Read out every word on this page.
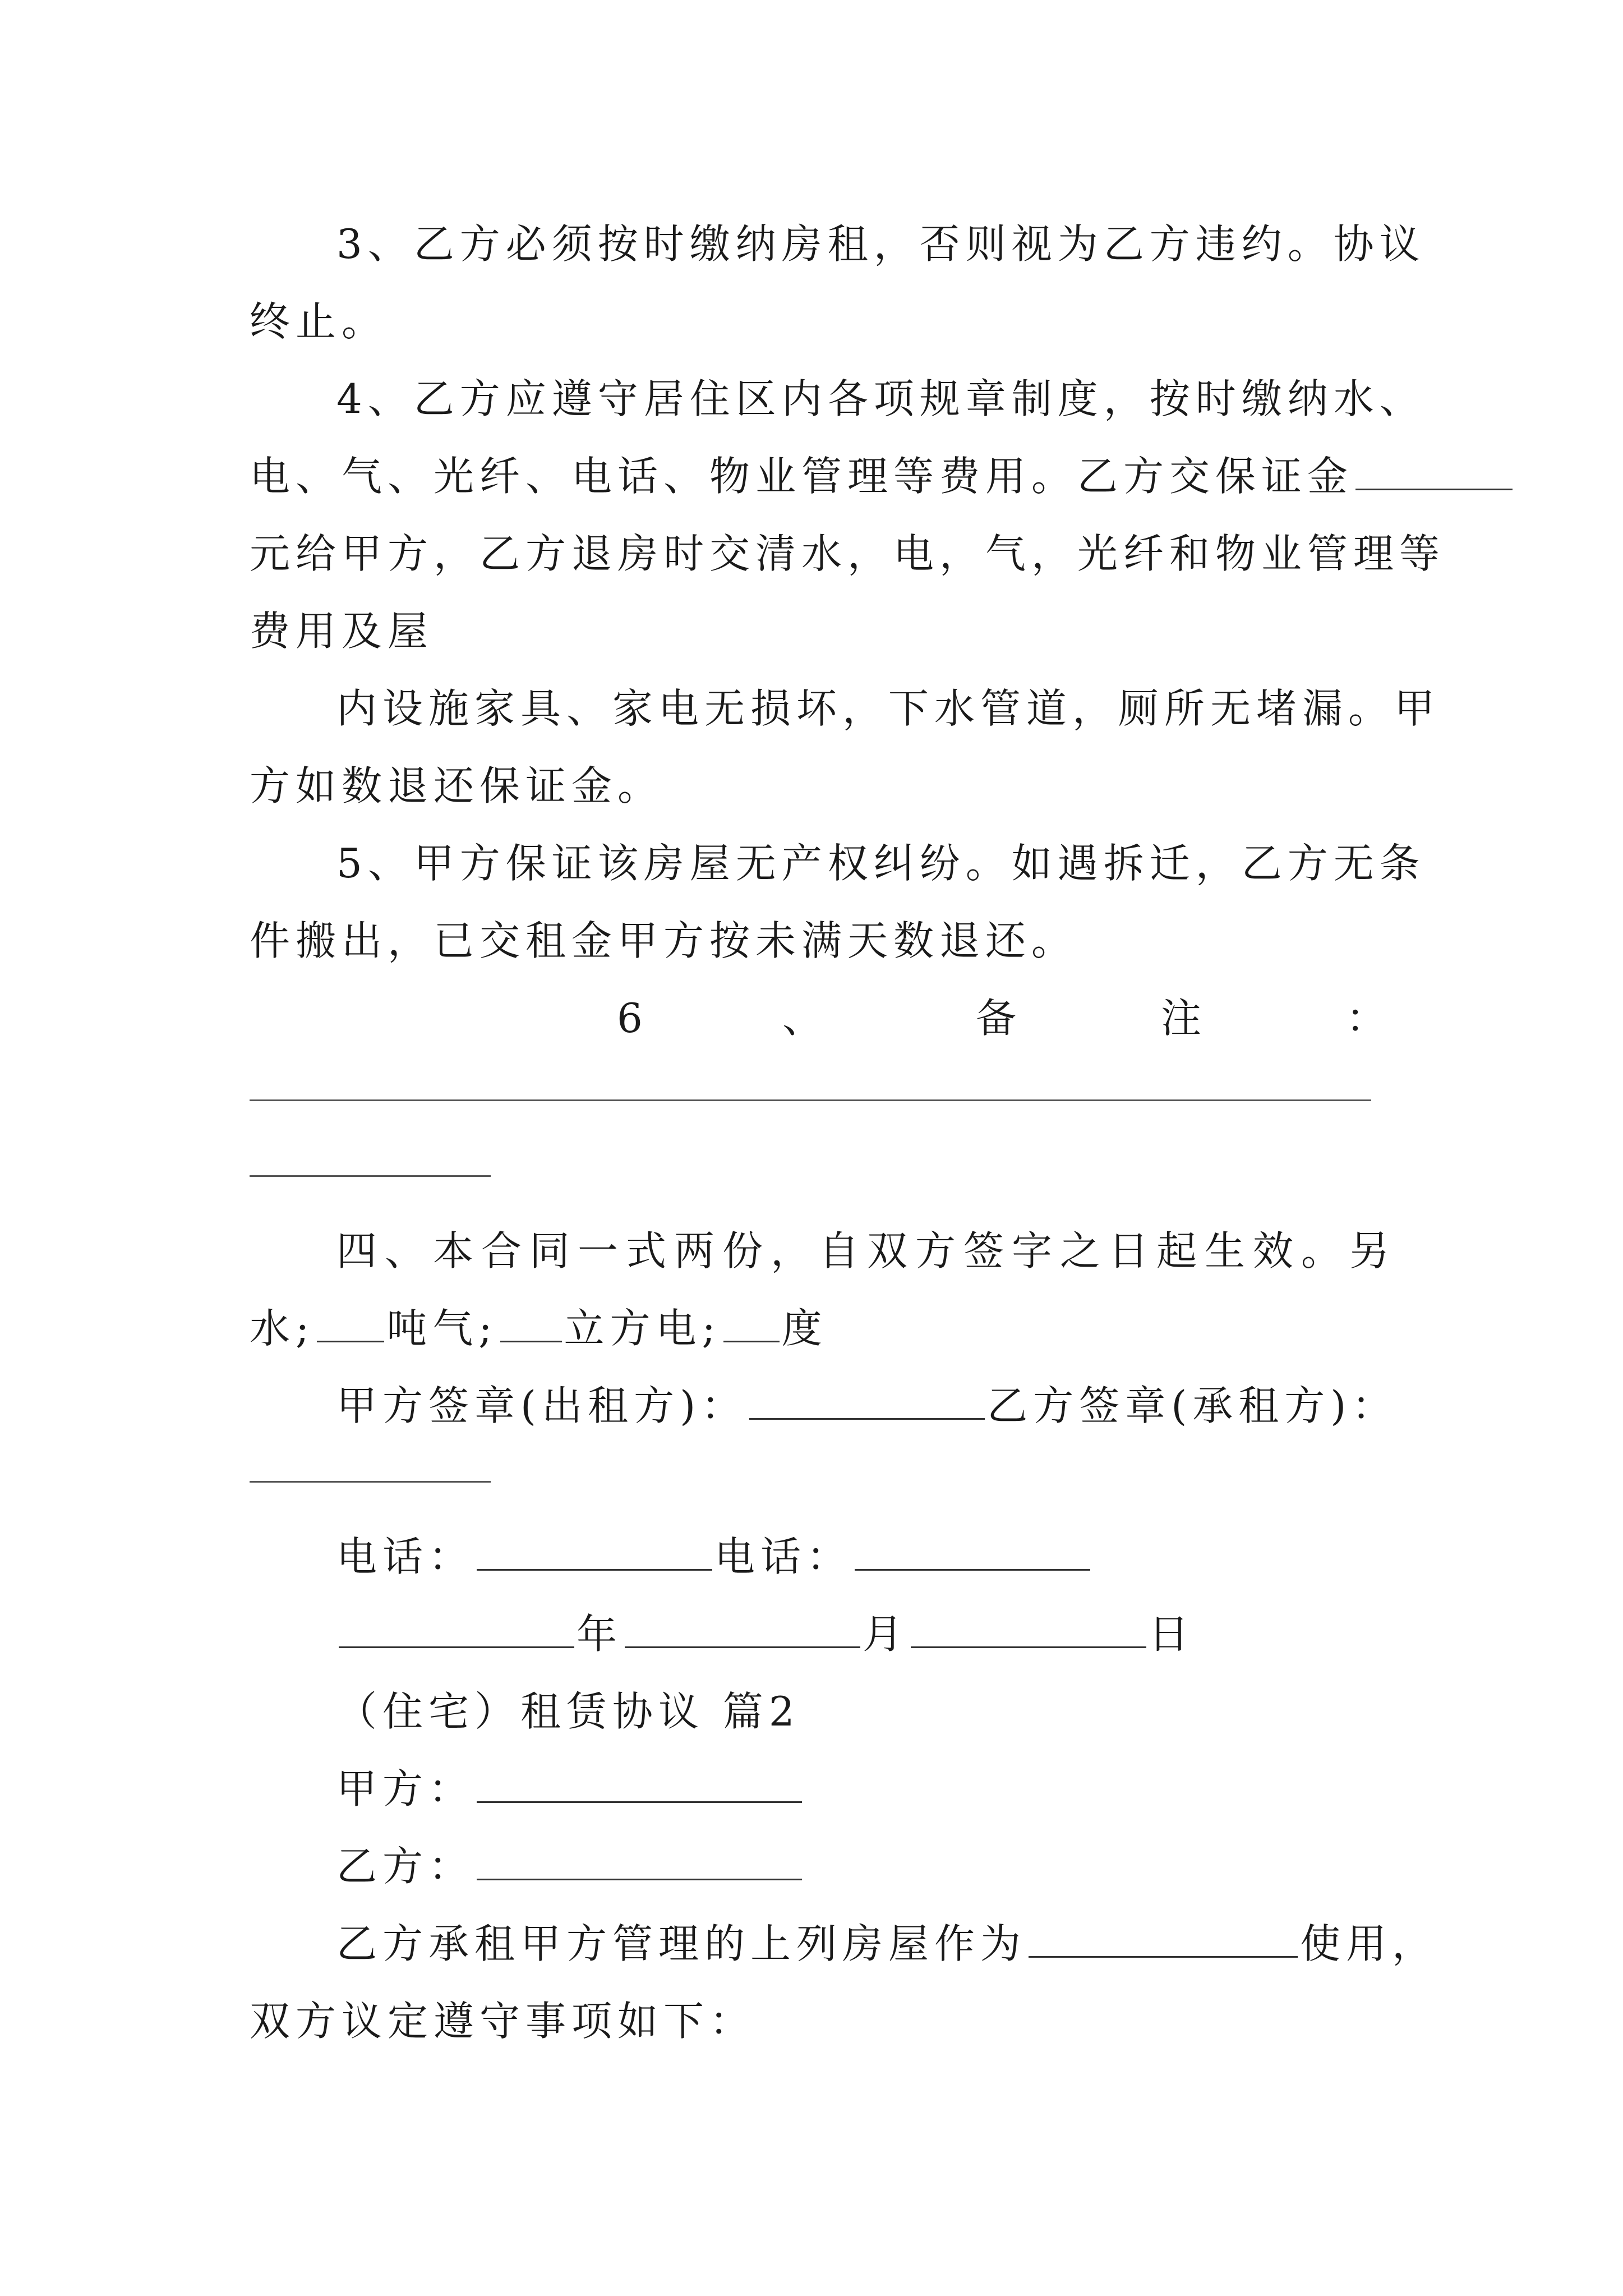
3、乙方必须按时缴纳房租，否则视为乙方违约。协议
终止。
4、乙方应遵守居住区内各项规章制度，按时缴纳水、
电、气、光纤、电话、物业管理等费用。乙方交保证金
元给甲方，乙方退房时交清水，电，气，光纤和物业管理等
费用及屋
内设施家具、家电无损坏，下水管道，厕所无堵漏。甲
方如数退还保证金。
5、甲方保证该房屋无产权纠纷。如遇拆迁，乙方无条
件搬出，已交租金甲方按未满天数退还。
6	、	备	注	：
四、本合同一式两份，自双方签字之日起生效。另
水; 吨气; 立方电; 度
甲方签章(出租方)：	乙方签章(承租方)：
电话：	电话：
年	月	日
（住宅）租赁协议 篇2
甲方：
乙方：
乙方承租甲方管理的上列房屋作为	使用，
双方议定遵守事项如下：
